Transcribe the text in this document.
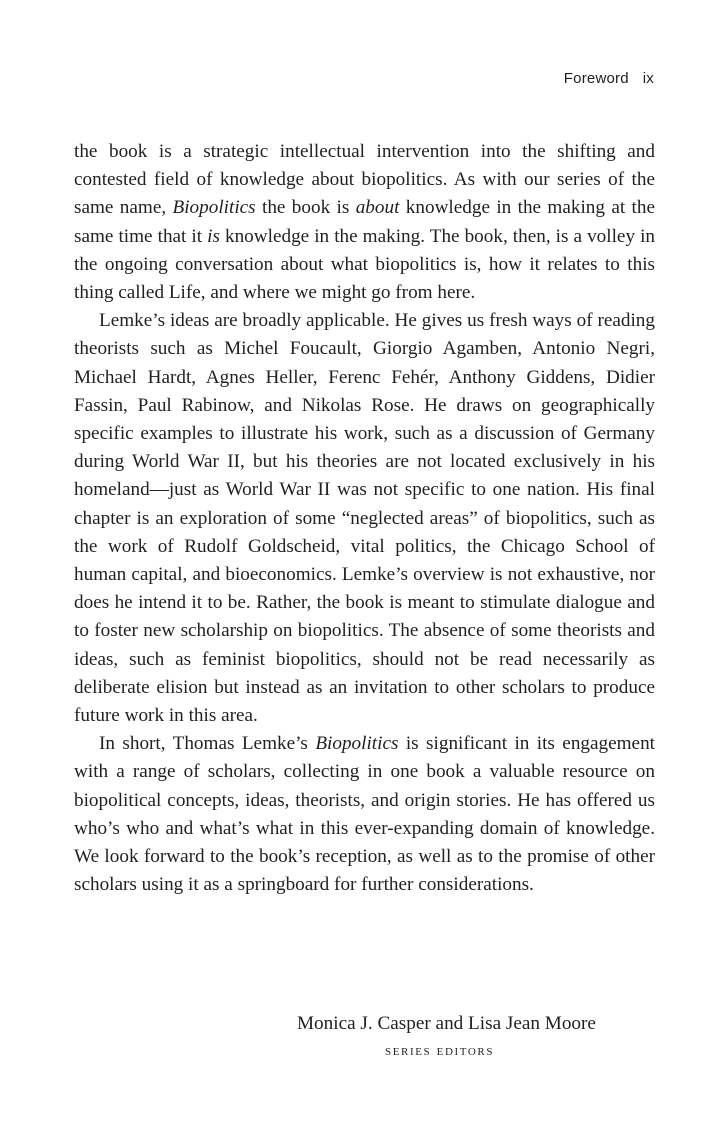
Foreword ix

the book is a strategic intellectual intervention into the shifting and contested field of knowledge about biopolitics. As with our series of the same name, Biopolitics the book is about knowledge in the making at the same time that it is knowledge in the making. The book, then, is a volley in the ongoing conversation about what biopolitics is, how it relates to this thing called Life, and where we might go from here.

Lemke’s ideas are broadly applicable. He gives us fresh ways of reading theorists such as Michel Foucault, Giorgio Agamben, Antonio Negri, Michael Hardt, Agnes Heller, Ferenc Fehér, Anthony Giddens, Didier Fassin, Paul Rabinow, and Nikolas Rose. He draws on geographically specific examples to illustrate his work, such as a discussion of Germany during World War II, but his theories are not located exclusively in his homeland—just as World War II was not specific to one nation. His final chapter is an exploration of some “neglected areas” of biopolitics, such as the work of Rudolf Goldscheid, vital politics, the Chicago School of human capital, and bioeconomics. Lemke’s overview is not exhaustive, nor does he intend it to be. Rather, the book is meant to stimulate dialogue and to foster new scholarship on biopolitics. The absence of some theorists and ideas, such as feminist biopolitics, should not be read necessarily as deliberate elision but instead as an invitation to other scholars to produce future work in this area.

In short, Thomas Lemke’s Biopolitics is significant in its engagement with a range of scholars, collecting in one book a valuable resource on biopolitical concepts, ideas, theorists, and origin stories. He has offered us who’s who and what’s what in this ever-expanding domain of knowledge. We look forward to the book’s reception, as well as to the promise of other scholars using it as a springboard for further considerations.

Monica J. Casper and Lisa Jean Moore
series editors
